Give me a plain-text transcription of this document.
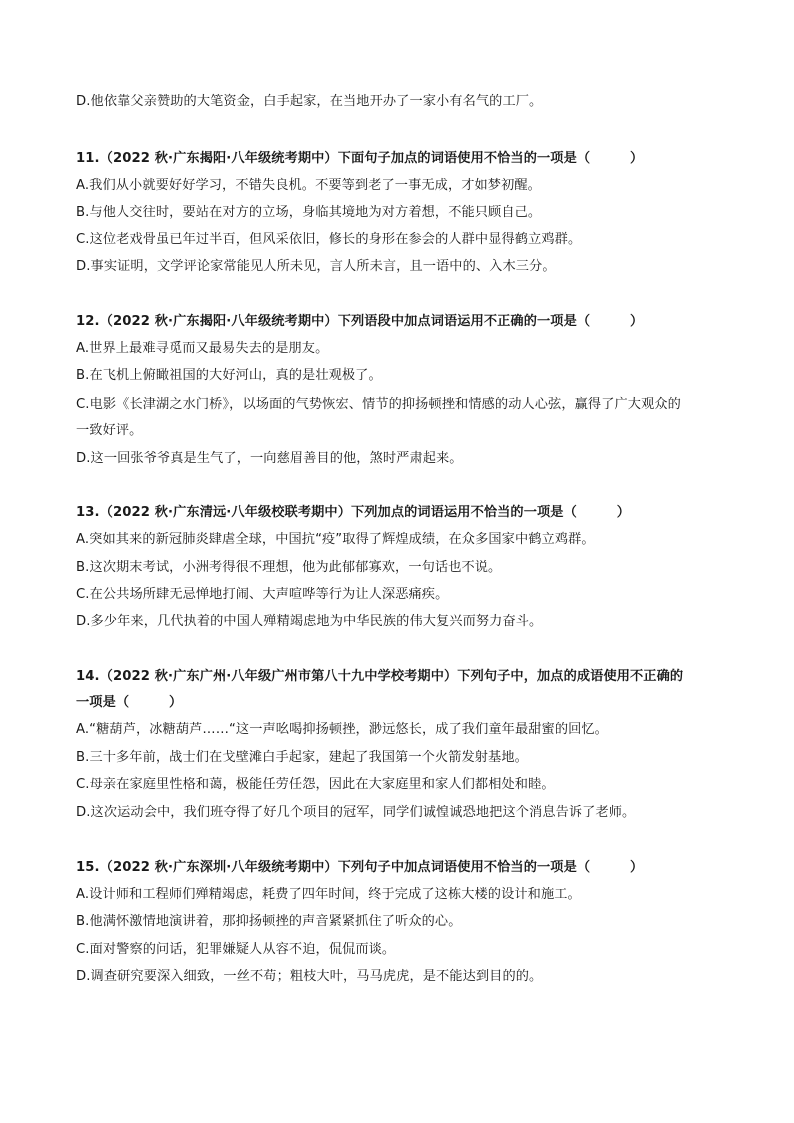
D.他依靠父亲赞助的大笔资金，白手起家，在当地开办了一家小有名气的工厂。
11.（2022 秋·广东揭阳·八年级统考期中）下面句子加点的词语使用不恰当的一项是（　　　）
A.我们从小就要好好学习，不错失良机。不要等到老了一事无成，才如梦初醒。
B.与他人交往时，要站在对方的立场，身临其境地为对方着想，不能只顾自己。
C.这位老戏骨虽已年过半百，但风采依旧，修长的身形在参会的人群中显得鹤立鸡群。
D.事实证明，文学评论家常能见人所未见，言人所未言，且一语中的、入木三分。
12.（2022 秋·广东揭阳·八年级统考期中）下列语段中加点词语运用不正确的一项是（　　　）
A.世界上最难寻觅而又最易失去的是朋友。
B.在飞机上俯瞰祖国的大好河山，真的是壮观极了。
C.电影《长津湖之水门桥》，以场面的气势恢宏、情节的抑扬顿挫和情感的动人心弦，赢得了广大观众的
一致好评。
D.这一回张爷爷真是生气了，一向慈眉善目的他，煞时严肃起来。
13.（2022 秋·广东清远·八年级校联考期中）下列加点的词语运用不恰当的一项是（　　　）
A.突如其来的新冠肺炎肆虐全球，中国抗“疫”取得了辉煌成绩，在众多国家中鹤立鸡群。
B.这次期末考试，小洲考得很不理想，他为此郁郁寡欢，一句话也不说。
C.在公共场所肆无忌惮地打闹、大声喧哗等行为让人深恶痛疾。
D.多少年来，几代执着的中国人殚精竭虑地为中华民族的伟大复兴而努力奋斗。
14.（2022 秋·广东广州·八年级广州市第八十九中学校考期中）下列句子中，加点的成语使用不正确的
一项是（　　　）
A.“糖葫芦，冰糖葫芦……“这一声吆喝抑扬顿挫，渺远悠长，成了我们童年最甜蜜的回忆。
B.三十多年前，战士们在戈壁滩白手起家，建起了我国第一个火箭发射基地。
C.母亲在家庭里性格和蔼，极能任劳任怨，因此在大家庭里和家人们都相处和睦。
D.这次运动会中，我们班夺得了好几个项目的冠军，同学们诚惶诚恐地把这个消息告诉了老师。
15.（2022 秋·广东深圳·八年级统考期中）下列句子中加点词语使用不恰当的一项是（　　　）
A.设计师和工程师们殚精竭虑，耗费了四年时间，终于完成了这栋大楼的设计和施工。
B.他满怀激情地演讲着，那抑扬顿挫的声音紧紧抓住了听众的心。
C.面对警察的问话，犯罪嫌疑人从容不迫，侃侃而谈。
D.调查研究要深入细致，一丝不苟；粗枝大叶，马马虎虎，是不能达到目的的。
